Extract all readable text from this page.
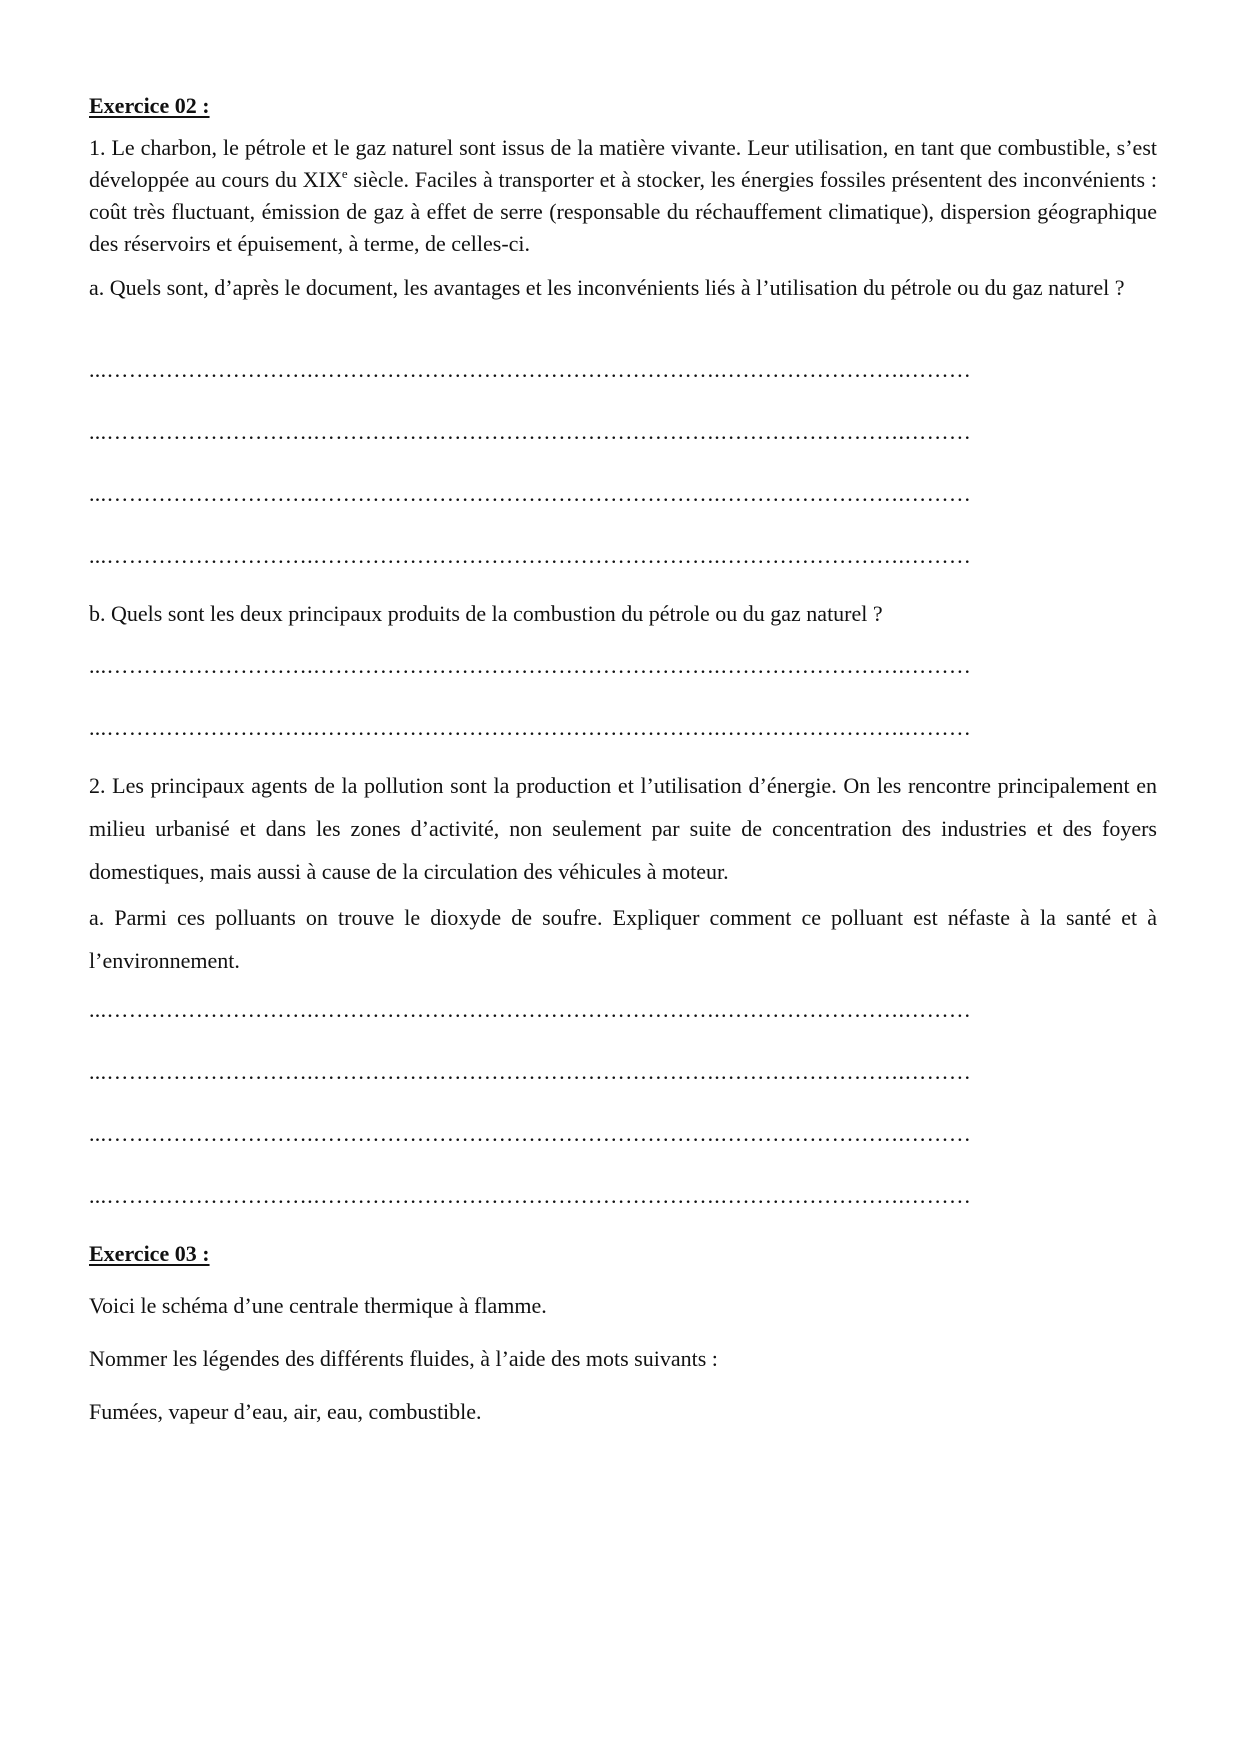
Exercice 02 :

1. Le charbon, le pétrole et le gaz naturel sont issus de la matière vivante. Leur utilisation, en tant que combustible, s’est développée au cours du XIXe siècle. Faciles à transporter et à stocker, les énergies fossiles présentent des inconvénients : coût très fluctuant, émission de gaz à effet de serre (responsable du réchauffement climatique), dispersion géographique des réservoirs et épuisement, à terme, de celles-ci.

a. Quels sont, d’après le document, les avantages et les inconvénients liés à l’utilisation du pétrole ou du gaz naturel ?

...……………………….……………………………………………….…………………….………
...……………………….……………………………………………….…………………….………
...……………………….……………………………………………….…………………….………
...……………………….……………………………………………….…………………….………

b. Quels sont les deux principaux produits de la combustion du pétrole ou du gaz naturel ?

...……………………….……………………………………………….…………………….………
...……………………….……………………………………………….…………………….………

2. Les principaux agents de la pollution sont la production et l’utilisation d’énergie. On les rencontre principalement en milieu urbanisé et dans les zones d’activité, non seulement par suite de concentration des industries et des foyers domestiques, mais aussi à cause de la circulation des véhicules à moteur.

a. Parmi ces polluants on trouve le dioxyde de soufre. Expliquer comment ce polluant est néfaste à la santé et à l’environnement.

...……………………….……………………………………………….…………………….………
...……………………….……………………………………………….…………………….………
...……………………….……………………………………………….…………………….………
...……………………….……………………………………………….…………………….………
Exercice 03 :

Voici le schéma d’une centrale thermique à flamme.

Nommer les légendes des différents fluides, à l’aide des mots suivants :

Fumées, vapeur d’eau, air, eau, combustible.
